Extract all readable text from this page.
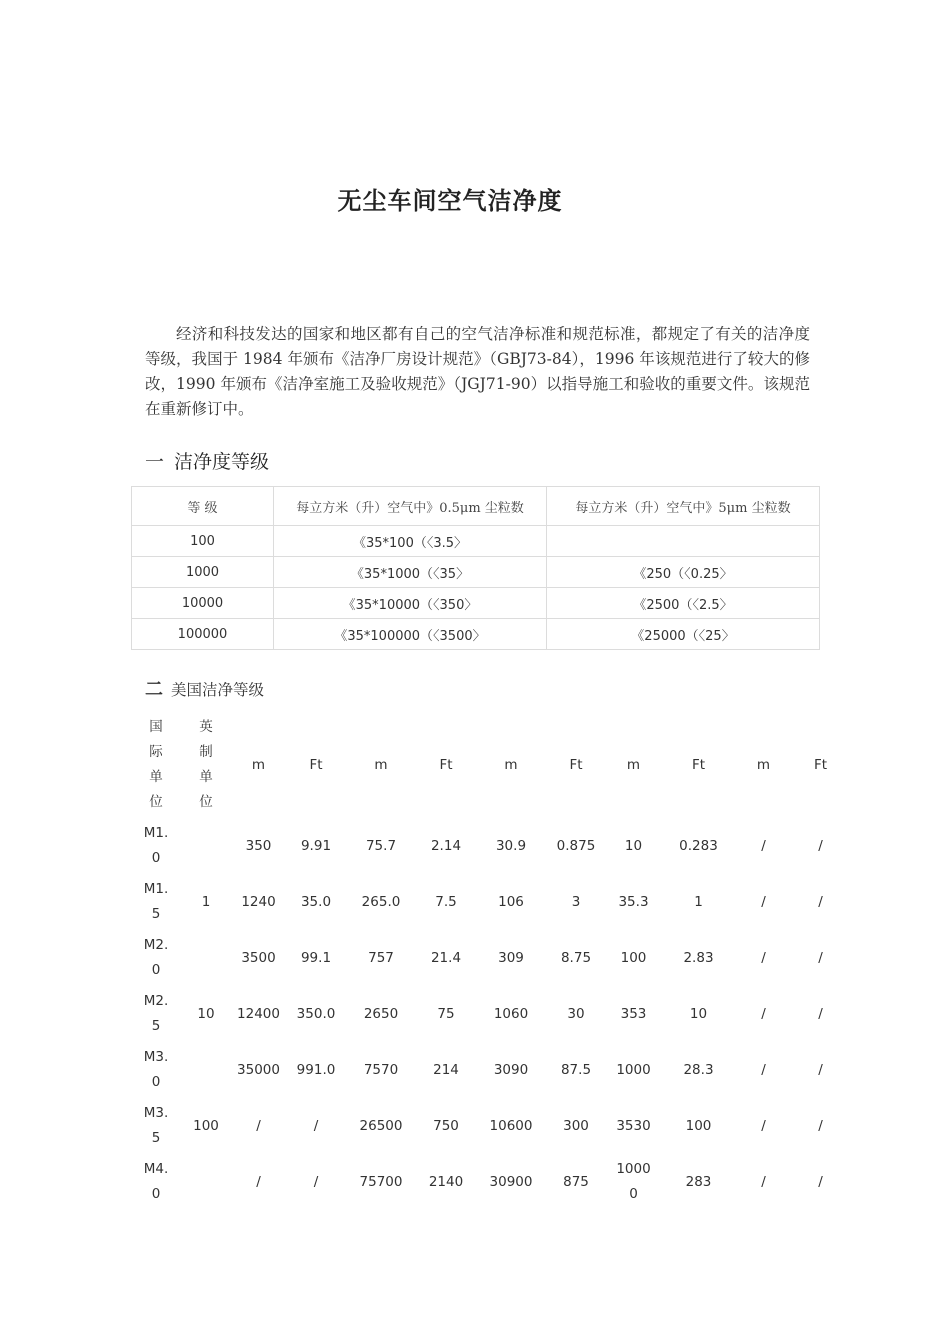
无尘车间空气洁净度

经济和科技发达的国家和地区都有自己的空气洁净标准和规范标准，都规定了有关的洁净度等级，我国于 1984 年颁布《洁净厂房设计规范》（GBJ73-84），1996 年该规范进行了较大的修改，1990 年颁布《洁净室施工及验收规范》（JGJ71-90）以指导施工和验收的重要文件。该规范在重新修订中。

一 洁净度等级
等 级	每立方米（升）空气中》0.5μm 尘粒数	每立方米（升）空气中》5μm 尘粒数
100	《35*100（〈3.5〉	
1000	《35*1000（〈35〉	《250（〈0.25〉
10000	《35*10000（〈350〉	《2500（〈2.5〉
100000	《35*100000（〈3500〉	《25000（〈25〉
二 美国洁净等级
国际单位	英制单位	m	Ft	m	Ft	m	Ft	m	Ft	m	Ft
M1.0		350	9.91	75.7	2.14	30.9	0.875	10	0.283	/	/
M1.5	1	1240	35.0	265.0	7.5	106	3	35.3	1	/	/
M2.0		3500	99.1	757	21.4	309	8.75	100	2.83	/	/
M2.5	10	12400	350.0	2650	75	1060	30	353	10	/	/
M3.0		35000	991.0	7570	214	3090	87.5	1000	28.3	/	/
M3.5	100	/	/	26500	750	10600	300	3530	100	/	/
M4.0		/	/	75700	2140	30900	875	10000	283	/	/
